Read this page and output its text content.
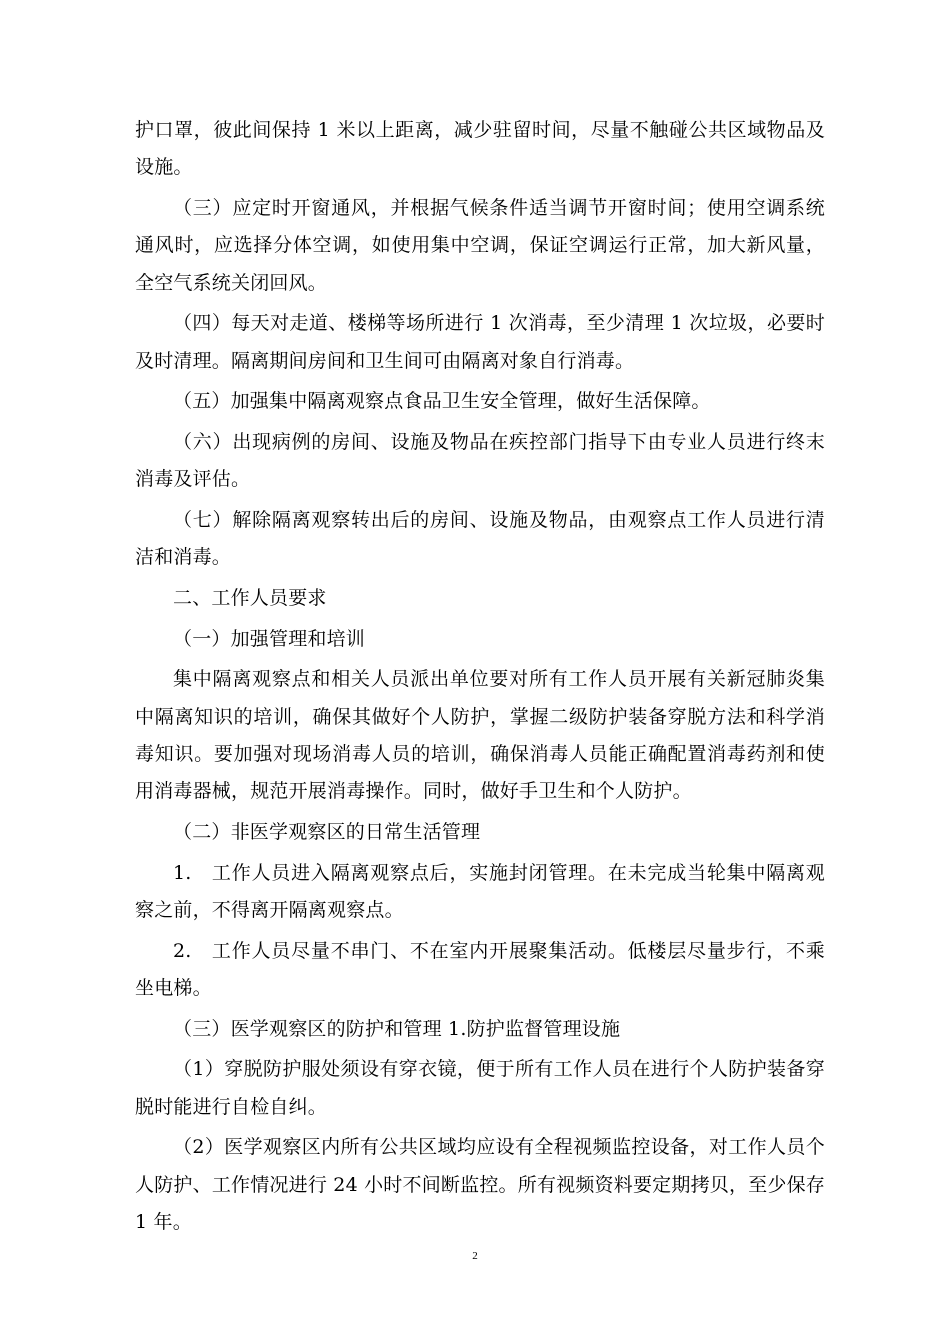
护口罩，彼此间保持 1 米以上距离，减少驻留时间，尽量不触碰公共区域物品及设施。

（三）应定时开窗通风，并根据气候条件适当调节开窗时间；使用空调系统通风时，应选择分体空调，如使用集中空调，保证空调运行正常，加大新风量，全空气系统关闭回风。

（四）每天对走道、楼梯等场所进行 1 次消毒，至少清理 1 次垃圾，必要时及时清理。隔离期间房间和卫生间可由隔离对象自行消毒。

（五）加强集中隔离观察点食品卫生安全管理，做好生活保障。

（六）出现病例的房间、设施及物品在疾控部门指导下由专业人员进行终末消毒及评估。

（七）解除隔离观察转出后的房间、设施及物品，由观察点工作人员进行清洁和消毒。

二、工作人员要求

（一）加强管理和培训

集中隔离观察点和相关人员派出单位要对所有工作人员开展有关新冠肺炎集中隔离知识的培训，确保其做好个人防护，掌握二级防护装备穿脱方法和科学消毒知识。要加强对现场消毒人员的培训，确保消毒人员能正确配置消毒药剂和使用消毒器械，规范开展消毒操作。同时，做好手卫生和个人防护。

（二）非医学观察区的日常生活管理

1.　工作人员进入隔离观察点后，实施封闭管理。在未完成当轮集中隔离观察之前，不得离开隔离观察点。

2.　工作人员尽量不串门、不在室内开展聚集活动。低楼层尽量步行，不乘坐电梯。

（三）医学观察区的防护和管理 1.防护监督管理设施

（1）穿脱防护服处须设有穿衣镜，便于所有工作人员在进行个人防护装备穿脱时能进行自检自纠。

（2）医学观察区内所有公共区域均应设有全程视频监控设备，对工作人员个人防护、工作情况进行 24 小时不间断监控。所有视频资料要定期拷贝，至少保存 1 年。

2
